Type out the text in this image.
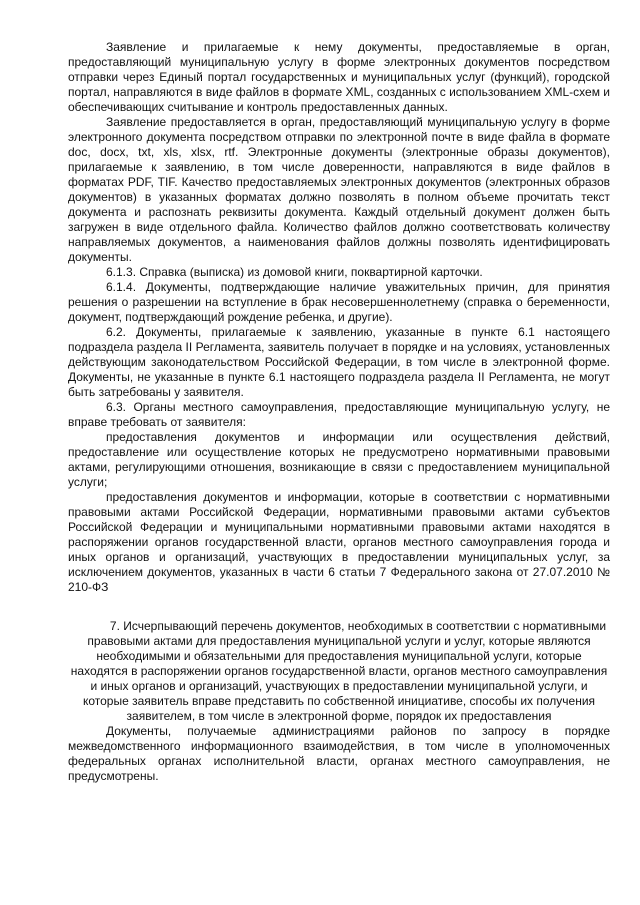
Заявление и прилагаемые к нему документы, предоставляемые в орган, предоставляющий муниципальную услугу в форме электронных документов посредством отправки через Единый портал государственных и муниципальных услуг (функций), городской портал, направляются в виде файлов в формате XML, созданных с использованием XML-схем и обеспечивающих считывание и контроль предоставленных данных.

Заявление предоставляется в орган, предоставляющий муниципальную услугу в форме электронного документа посредством отправки по электронной почте в виде файла в формате doc, docx, txt, xls, xlsx, rtf. Электронные документы (электронные образы документов), прилагаемые к заявлению, в том числе доверенности, направляются в виде файлов в форматах PDF, TIF. Качество предоставляемых электронных документов (электронных образов документов) в указанных форматах должно позволять в полном объеме прочитать текст документа и распознать реквизиты документа. Каждый отдельный документ должен быть загружен в виде отдельного файла. Количество файлов должно соответствовать количеству направляемых документов, а наименования файлов должны позволять идентифицировать документы.

6.1.3. Справка (выписка) из домовой книги, поквартирной карточки.

6.1.4. Документы, подтверждающие наличие уважительных причин, для принятия решения о разрешении на вступление в брак несовершеннолетнему (справка о беременности, документ, подтверждающий рождение ребенка, и другие).

6.2. Документы, прилагаемые к заявлению, указанные в пункте 6.1 настоящего подраздела раздела II Регламента, заявитель получает в порядке и на условиях, установленных действующим законодательством Российской Федерации, в том числе в электронной форме. Документы, не указанные в пункте 6.1 настоящего подраздела раздела II Регламента, не могут быть затребованы у заявителя.

6.3. Органы местного самоуправления, предоставляющие муниципальную услугу, не вправе требовать от заявителя:

предоставления документов и информации или осуществления действий, предоставление или осуществление которых не предусмотрено нормативными правовыми актами, регулирующими отношения, возникающие в связи с предоставлением муниципальной услуги;

предоставления документов и информации, которые в соответствии с нормативными правовыми актами Российской Федерации, нормативными правовыми актами субъектов Российской Федерации и муниципальными нормативными правовыми актами находятся в распоряжении органов государственной власти, органов местного самоуправления города и иных органов и организаций, участвующих в предоставлении муниципальных услуг, за исключением документов, указанных в части 6 статьи 7 Федерального закона от 27.07.2010 № 210-ФЗ

7. Исчерпывающий перечень документов, необходимых в соответствии с нормативными правовыми актами для предоставления муниципальной услуги и услуг, которые являются необходимыми и обязательными для предоставления муниципальной услуги, которые находятся в распоряжении органов государственной власти, органов местного самоуправления и иных органов и организаций, участвующих в предоставлении муниципальной услуги, и которые заявитель вправе представить по собственной инициативе, способы их получения заявителем, в том числе в электронной форме, порядок их предоставления

Документы, получаемые администрациями районов по запросу в порядке межведомственного информационного взаимодействия, в том числе в уполномоченных федеральных органах исполнительной власти, органах местного самоуправления, не предусмотрены.
